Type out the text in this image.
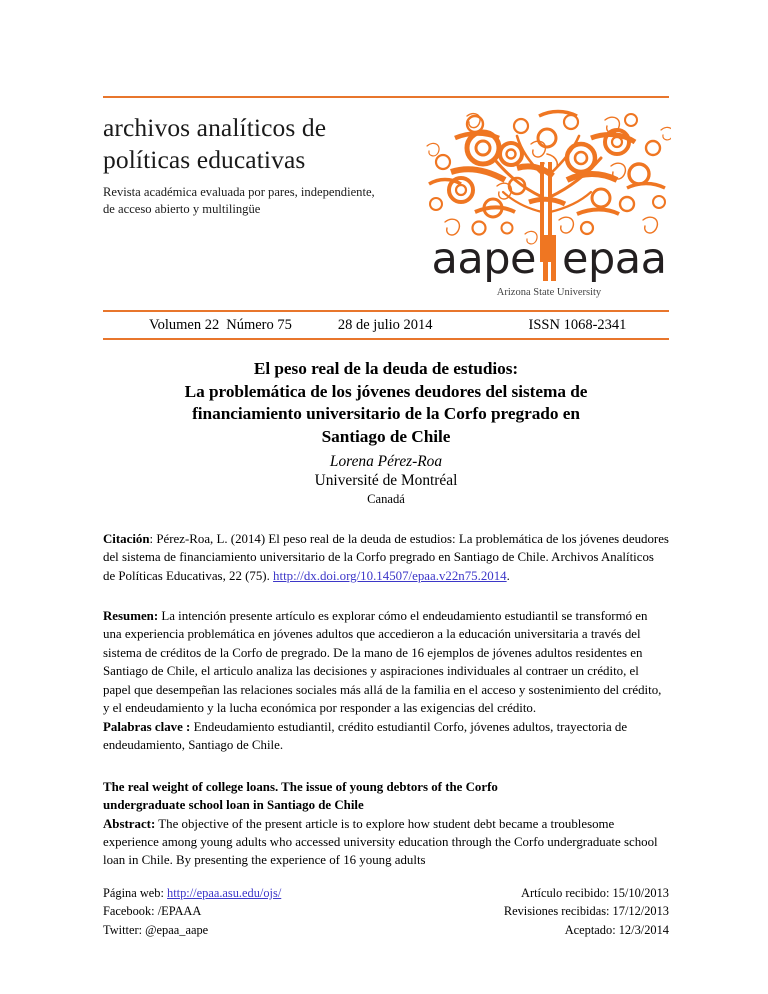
archivos analíticos de
políticas educativas
Revista académica evaluada por pares, independiente,
de acceso abierto y multilingüe
aape epaa
Arizona State University
Volumen 22 Número 75	28 de julio 2014	ISSN 1068-2341
El peso real de la deuda de estudios:
La problemática de los jóvenes deudores del sistema de
financiamiento universitario de la Corfo pregrado en
Santiago de Chile
Lorena Pérez-Roa
Université de Montréal
Canadá
Citación: Pérez-Roa, L. (2014) El peso real de la deuda de estudios: La problemática de los jóvenes deudores del sistema de financiamiento universitario de la Corfo pregrado en Santiago de Chile. Archivos Analíticos de Políticas Educativas, 22 (75). http://dx.doi.org/10.14507/epaa.v22n75.2014.
Resumen: La intención presente artículo es explorar cómo el endeudamiento estudiantil se transformó en una experiencia problemática en jóvenes adultos que accedieron a la educación universitaria a través del sistema de créditos de la Corfo de pregrado. De la mano de 16 ejemplos de jóvenes adultos residentes en Santiago de Chile, el articulo analiza las decisiones y aspiraciones individuales al contraer un crédito, el papel que desempeñan las relaciones sociales más allá de la familia en el acceso y sostenimiento del crédito, y el endeudamiento y la lucha económica por responder a las exigencias del crédito.
Palabras clave : Endeudamiento estudiantil, crédito estudiantil Corfo, jóvenes adultos, trayectoria de endeudamiento, Santiago de Chile.
The real weight of college loans. The issue of young debtors of the Corfo
undergraduate school loan in Santiago de Chile
Abstract: The objective of the present article is to explore how student debt became a troublesome experience among young adults who accessed university education through the Corfo undergraduate school loan in Chile. By presenting the experience of 16 young adults
Página web: http://epaa.asu.edu/ojs/
Facebook: /EPAAA
Twitter: @epaa_aape
Artículo recibido: 15/10/2013
Revisiones recibidas: 17/12/2013
Aceptado: 12/3/2014
